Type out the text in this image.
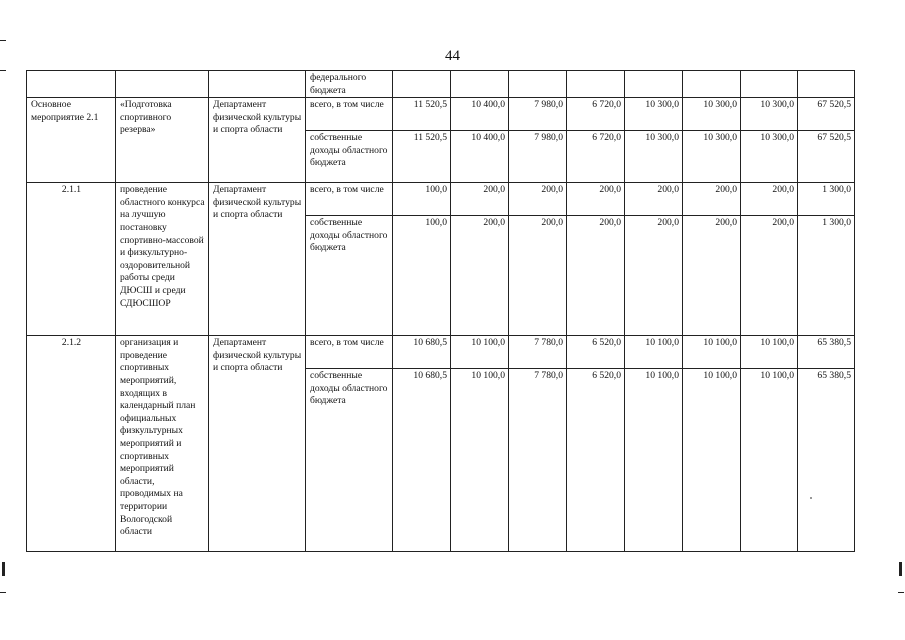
44
			федерального бюджета								
Основное мероприятие 2.1	«Подготовка спортивного резерва»	Департамент физической культуры и спорта области	всего, в том числе	11 520,5	10 400,0	7 980,0	6 720,0	10 300,0	10 300,0	10 300,0	67 520,5
			собственные доходы областного бюджета	11 520,5	10 400,0	7 980,0	6 720,0	10 300,0	10 300,0	10 300,0	67 520,5
2.1.1	проведение областного конкурса на лучшую постановку спортивно-массовой и физкультурно-оздоровительной работы среди ДЮСШ и среди СДЮСШОР	Департамент физической культуры и спорта области	всего, в том числе	100,0	200,0	200,0	200,0	200,0	200,0	200,0	1 300,0
			собственные доходы областного бюджета	100,0	200,0	200,0	200,0	200,0	200,0	200,0	1 300,0
2.1.2	организация и проведение спортивных мероприятий, входящих в календарный план официальных физкультурных мероприятий и спортивных мероприятий области, проводимых на территории Вологодской области	Департамент физической культуры и спорта области	всего, в том числе	10 680,5	10 100,0	7 780,0	6 520,0	10 100,0	10 100,0	10 100,0	65 380,5
			собственные доходы областного бюджета	10 680,5	10 100,0	7 780,0	6 520,0	10 100,0	10 100,0	10 100,0	65 380,5
